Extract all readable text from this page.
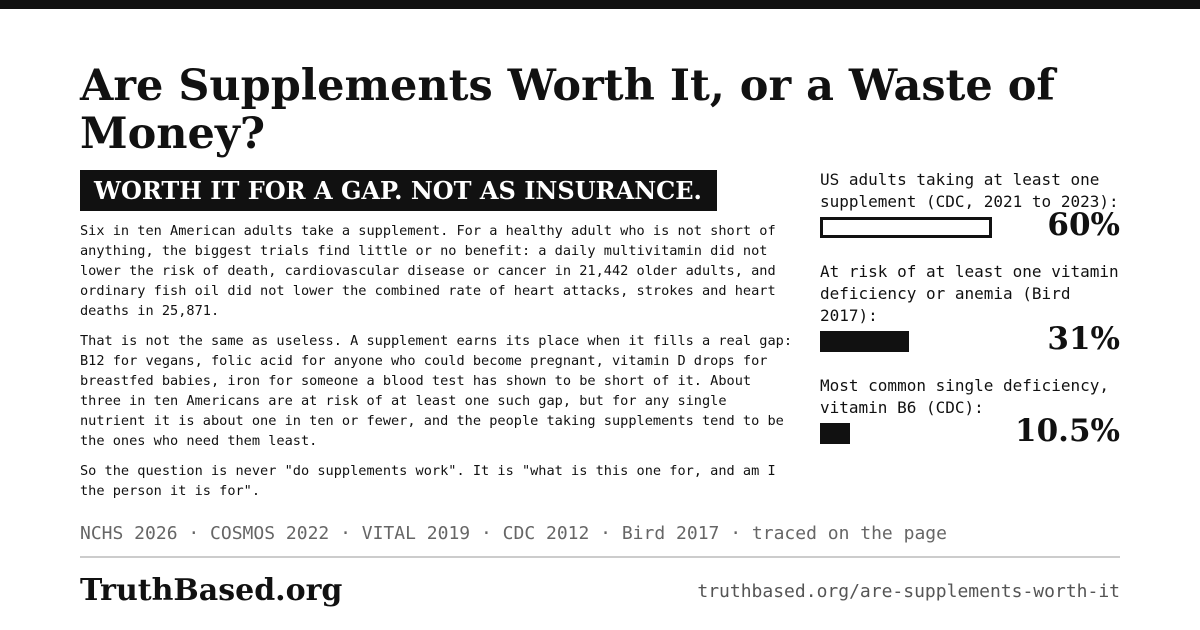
Are Supplements Worth It, or a Waste of Money?
WORTH IT FOR A GAP. NOT AS INSURANCE.

Six in ten American adults take a supplement. For a healthy adult who is not short of anything, the biggest trials find little or no benefit: a daily multivitamin did not lower the risk of death, cardiovascular disease or cancer in 21,442 older adults, and ordinary fish oil did not lower the combined rate of heart attacks, strokes and heart deaths in 25,871.

That is not the same as useless. A supplement earns its place when it fills a real gap: B12 for vegans, folic acid for anyone who could become pregnant, vitamin D drops for breastfed babies, iron for someone a blood test has shown to be short of it. About three in ten Americans are at risk of at least one such gap, but for any single nutrient it is about one in ten or fewer, and the people taking supplements tend to be the ones who need them least.

So the question is never "do supplements work". It is "what is this one for, and am I the person it is for".

US adults taking at least one supplement (CDC, 2021 to 2023):
60%
At risk of at least one vitamin deficiency or anemia (Bird 2017):
31%
Most common single deficiency, vitamin B6 (CDC):
10.5%
NCHS 2026 · COSMOS 2022 · VITAL 2019 · CDC 2012 · Bird 2017 · traced on the page
TruthBased.org	truthbased.org/are-supplements-worth-it
